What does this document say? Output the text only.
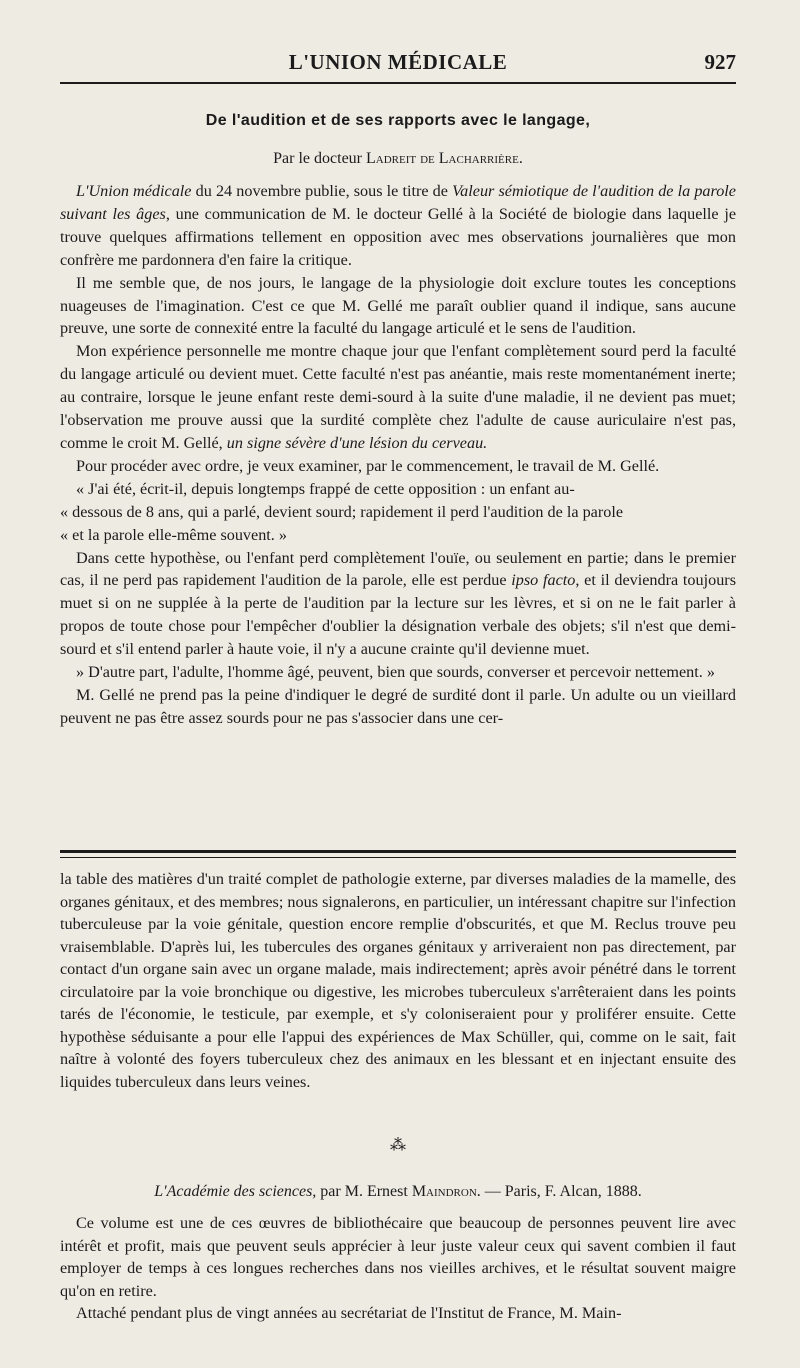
L'UNION MÉDICALE	927
De l'audition et de ses rapports avec le langage,
Par le docteur Ladreit de Lacharrière.

L'Union médicale du 24 novembre publie, sous le titre de Valeur sémiotique de l'audition de la parole suivant les âges, une communication de M. le docteur Gellé à la Société de biologie dans laquelle je trouve quelques affirmations tellement en opposition avec mes observations journalières que mon confrère me pardonnera d'en faire la critique.

Il me semble que, de nos jours, le langage de la physiologie doit exclure toutes les conceptions nuageuses de l'imagination. C'est ce que M. Gellé me paraît oublier quand il indique, sans aucune preuve, une sorte de connexité entre la faculté du langage articulé et le sens de l'audition.

Mon expérience personnelle me montre chaque jour que l'enfant complètement sourd perd la faculté du langage articulé ou devient muet. Cette faculté n'est pas anéantie, mais reste momentanément inerte; au contraire, lorsque le jeune enfant reste demi-sourd à la suite d'une maladie, il ne devient pas muet; l'observation me prouve aussi que la surdité complète chez l'adulte de cause auriculaire n'est pas, comme le croit M. Gellé, un signe sévère d'une lésion du cerveau.

Pour procéder avec ordre, je veux examiner, par le commencement, le travail de M. Gellé.

« J'ai été, écrit-il, depuis longtemps frappé de cette opposition : un enfant au-

« dessous de 8 ans, qui a parlé, devient sourd; rapidement il perd l'audition de la parole

« et la parole elle-même souvent. »

Dans cette hypothèse, ou l'enfant perd complètement l'ouïe, ou seulement en partie; dans le premier cas, il ne perd pas rapidement l'audition de la parole, elle est perdue ipso facto, et il deviendra toujours muet si on ne supplée à la perte de l'audition par la lecture sur les lèvres, et si on ne le fait parler à propos de toute chose pour l'empêcher d'oublier la désignation verbale des objets; s'il n'est que demi-sourd et s'il entend parler à haute voie, il n'y a aucune crainte qu'il devienne muet.

» D'autre part, l'adulte, l'homme âgé, peuvent, bien que sourds, converser et percevoir nettement. »

M. Gellé ne prend pas la peine d'indiquer le degré de surdité dont il parle. Un adulte ou un vieillard peuvent ne pas être assez sourds pour ne pas s'associer dans une cer-

la table des matières d'un traité complet de pathologie externe, par diverses maladies de la mamelle, des organes génitaux, et des membres; nous signalerons, en particulier, un intéressant chapitre sur l'infection tuberculeuse par la voie génitale, question encore remplie d'obscurités, et que M. Reclus trouve peu vraisemblable. D'après lui, les tubercules des organes génitaux y arriveraient non pas directement, par contact d'un organe sain avec un organe malade, mais indirectement; après avoir pénétré dans le torrent circulatoire par la voie bronchique ou digestive, les microbes tuberculeux s'arrêteraient dans les points tarés de l'économie, le testicule, par exemple, et s'y coloniseraient pour y proliférer ensuite. Cette hypothèse séduisante a pour elle l'appui des expériences de Max Schüller, qui, comme on le sait, fait naître à volonté des foyers tuberculeux chez des animaux en les blessant et en injectant ensuite des liquides tuberculeux dans leurs veines.

⁂
L'Académie des sciences, par M. Ernest Maindron. — Paris, F. Alcan, 1888.

Ce volume est une de ces œuvres de bibliothécaire que beaucoup de personnes peuvent lire avec intérêt et profit, mais que peuvent seuls apprécier à leur juste valeur ceux qui savent combien il faut employer de temps à ces longues recherches dans nos vieilles archives, et le résultat souvent maigre qu'on en retire.

Attaché pendant plus de vingt années au secrétariat de l'Institut de France, M. Main-
